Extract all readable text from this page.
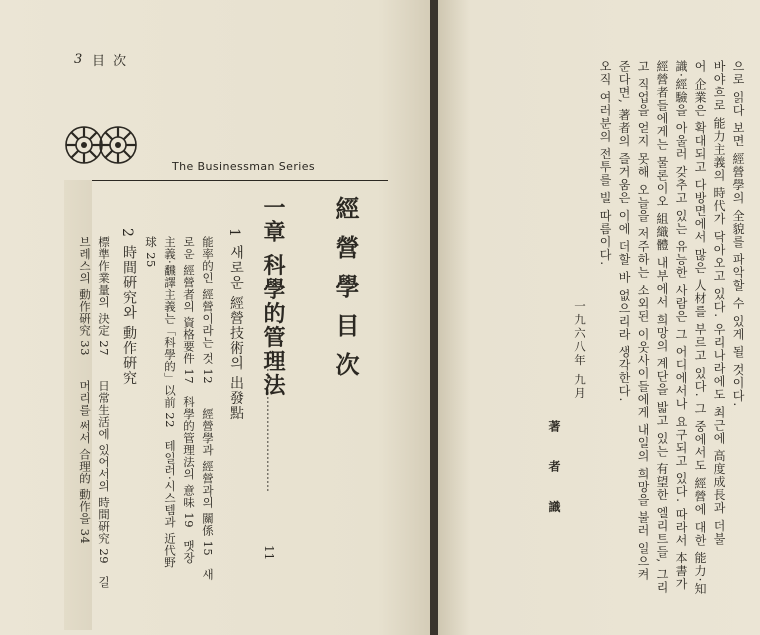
3 目 次
The Businessman Series
經營學目次
一章 科學的管理法
……………………………
11
1
새로운 經營技術의 出發點
能率的인 經營이라는 것 12　　經營學과 經營과의 關係 15　새
로운 經營者의 資格要件 17　科學的管理法의 意味 19　맷장
主義·飜譯主義는「科學的」以前 22　테일러·시스템과 近代野
球 25
2
時間硏究와 動作硏究
標準作業量의 決定 27　　日常生活에 있어서의 時間硏究 29　길
브레스의 動作硏究 33　　머리를 써서 合理的 動作을 34	으로 읽다 보면 經營學의 全貌를 파악할 수 있게 될 것이다.
바야흐로 能力主義의 時代가 닥아오고 있다. 우리나라에도 최근에 高度成長과 더불
어 企業은 확대되고 다방면에서 많은 人材를 부르고 있다. 그 중에서도 經營에 대한 能力·知
識·經驗을 아울러 갖추고 있는 유능한 사람은 그 어디에서나 요구되고 있다. 따라서 本書가
經營者들에게는 물론이오 組織體 내부에서 희망의 계단을 밟고 있는 有望한 엘리트들, 그리
고 직업을 얻지 못해 오늘을 저주하는 소외된 이웃사이들에게 내일의 희망을 불러 일으켜
준다면, 著者의 즐거움은 이에 더할 바 없으리라 생각한다.
오직 여러분의 전투를 빌 따름이다.
一九六八年 九月
著 者 識
